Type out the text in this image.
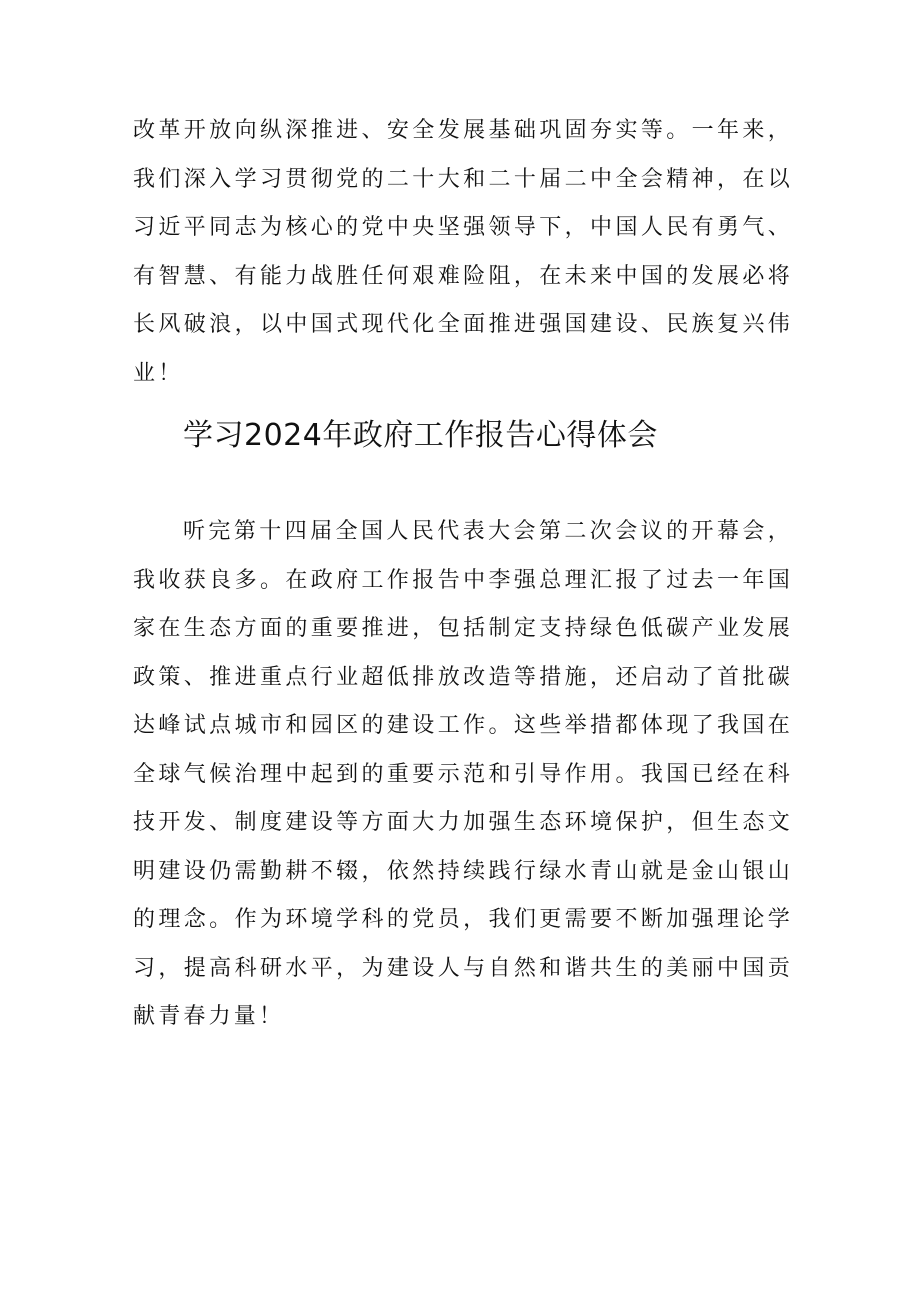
改革开放向纵深推进、安全发展基础巩固夯实等。一年来，我们深入学习贯彻党的二十大和二十届二中全会精神，在以习近平同志为核心的党中央坚强领导下，中国人民有勇气、有智慧、有能力战胜任何艰难险阻，在未来中国的发展必将长风破浪，以中国式现代化全面推进强国建设、民族复兴伟业！

学习2024年政府工作报告心得体会

听完第十四届全国人民代表大会第二次会议的开幕会，我收获良多。在政府工作报告中李强总理汇报了过去一年国家在生态方面的重要推进，包括制定支持绿色低碳产业发展政策、推进重点行业超低排放改造等措施，还启动了首批碳达峰试点城市和园区的建设工作。这些举措都体现了我国在全球气候治理中起到的重要示范和引导作用。我国已经在科技开发、制度建设等方面大力加强生态环境保护，但生态文明建设仍需勤耕不辍，依然持续践行绿水青山就是金山银山的理念。作为环境学科的党员，我们更需要不断加强理论学习，提高科研水平，为建设人与自然和谐共生的美丽中国贡献青春力量！
